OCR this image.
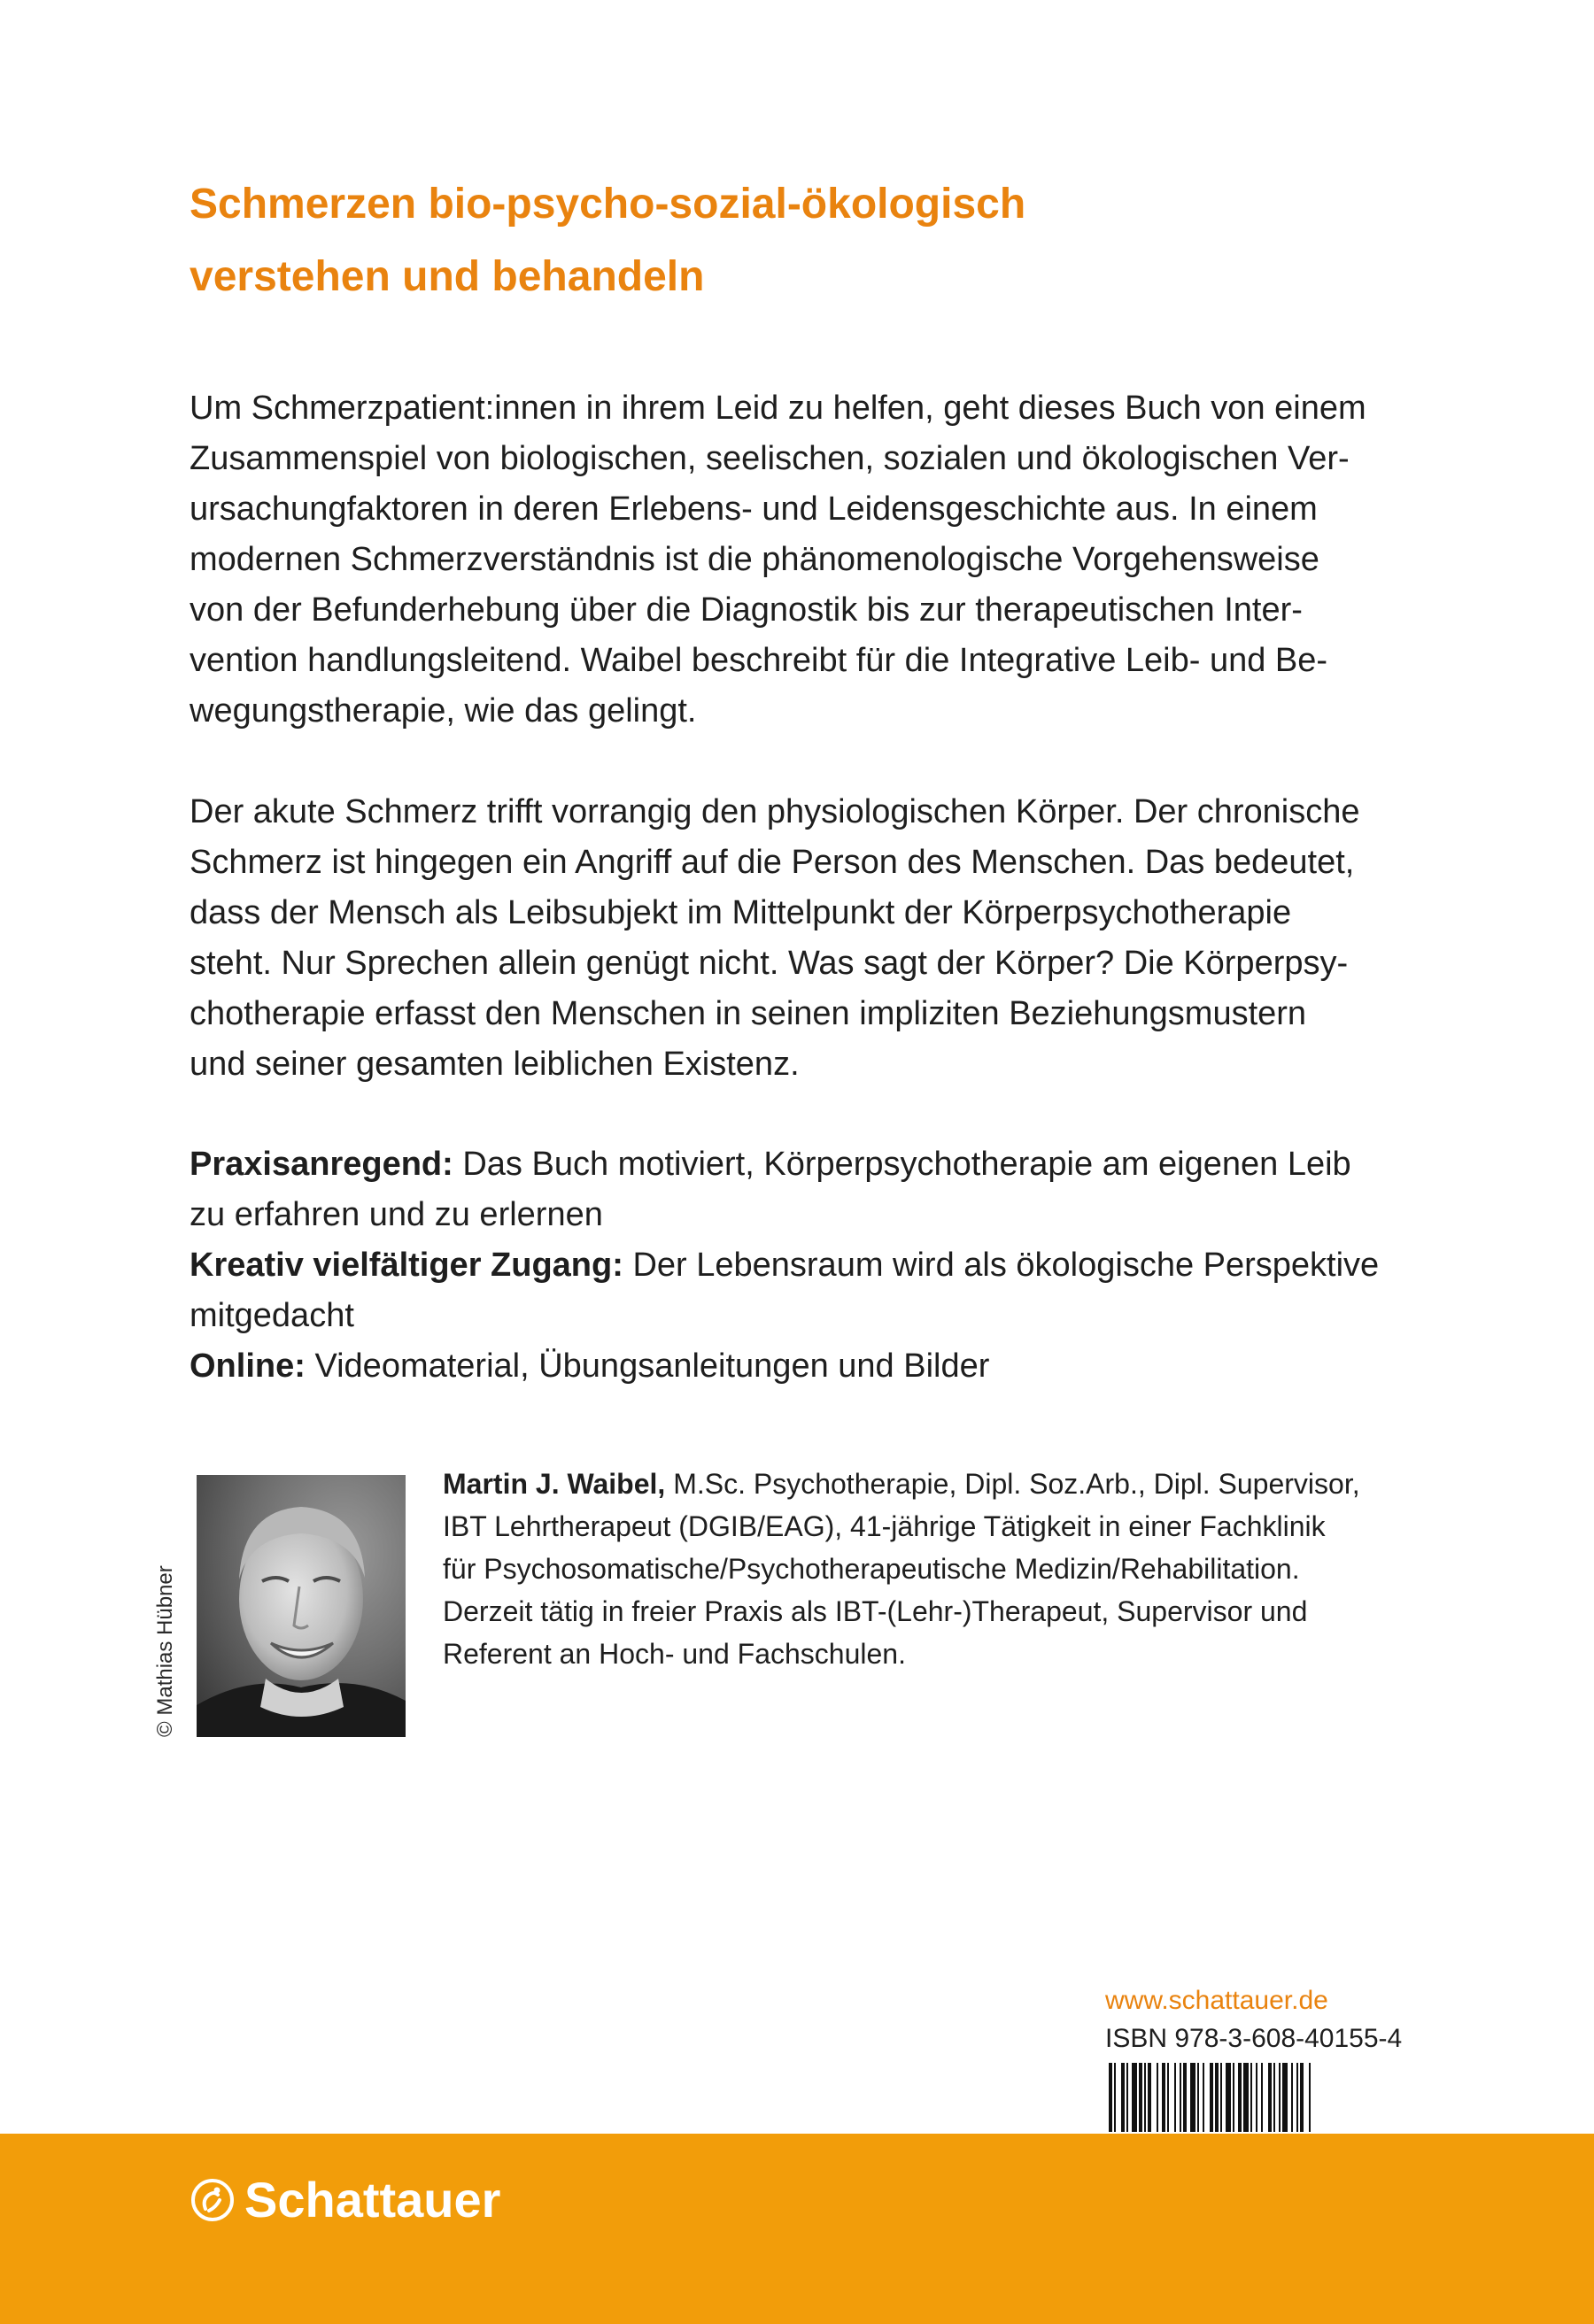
Schmerzen bio-psycho-sozial-ökologisch
verstehen und behandeln
Um Schmerzpatient:innen in ihrem Leid zu helfen, geht dieses Buch von einem
Zusammenspiel von biologischen, seelischen, sozialen und ökologischen Ver-
ursachungfaktoren in deren Erlebens- und Leidensgeschichte aus. In einem
modernen Schmerzverständnis ist die phänomenologische Vorgehensweise
von der Befunderhebung über die Diagnostik bis zur therapeutischen Inter-
vention handlungsleitend. Waibel beschreibt für die Integrative Leib- und Be-
wegungstherapie, wie das gelingt.
Der akute Schmerz trifft vorrangig den physiologischen Körper. Der chronische
Schmerz ist hingegen ein Angriff auf die Person des Menschen. Das bedeutet,
dass der Mensch als Leibsubjekt im Mittelpunkt der Körperpsychotherapie
steht. Nur Sprechen allein genügt nicht. Was sagt der Körper? Die Körperpsy-
chotherapie erfasst den Menschen in seinen impliziten Beziehungsmustern
und seiner gesamten leiblichen Existenz.
Praxisanregend: Das Buch motiviert, Körperpsychotherapie am eigenen Leib
zu erfahren und zu erlernen
Kreativ vielfältiger Zugang: Der Lebensraum wird als ökologische Perspektive
mitgedacht
Online: Videomaterial, Übungsanleitungen und Bilder
© Mathias Hübner
Martin J. Waibel, M.Sc. Psychotherapie, Dipl. Soz.Arb., Dipl. Supervisor,
IBT Lehrtherapeut (DGIB/EAG), 41-jährige Tätigkeit in einer Fachklinik
für Psychosomatische/Psychotherapeutische Medizin/Rehabilitation.
Derzeit tätig in freier Praxis als IBT-(Lehr-)Therapeut, Supervisor und
Referent an Hoch- und Fachschulen.
www.schattauer.de
ISBN 978-3-608-40155-4
Schattauer
